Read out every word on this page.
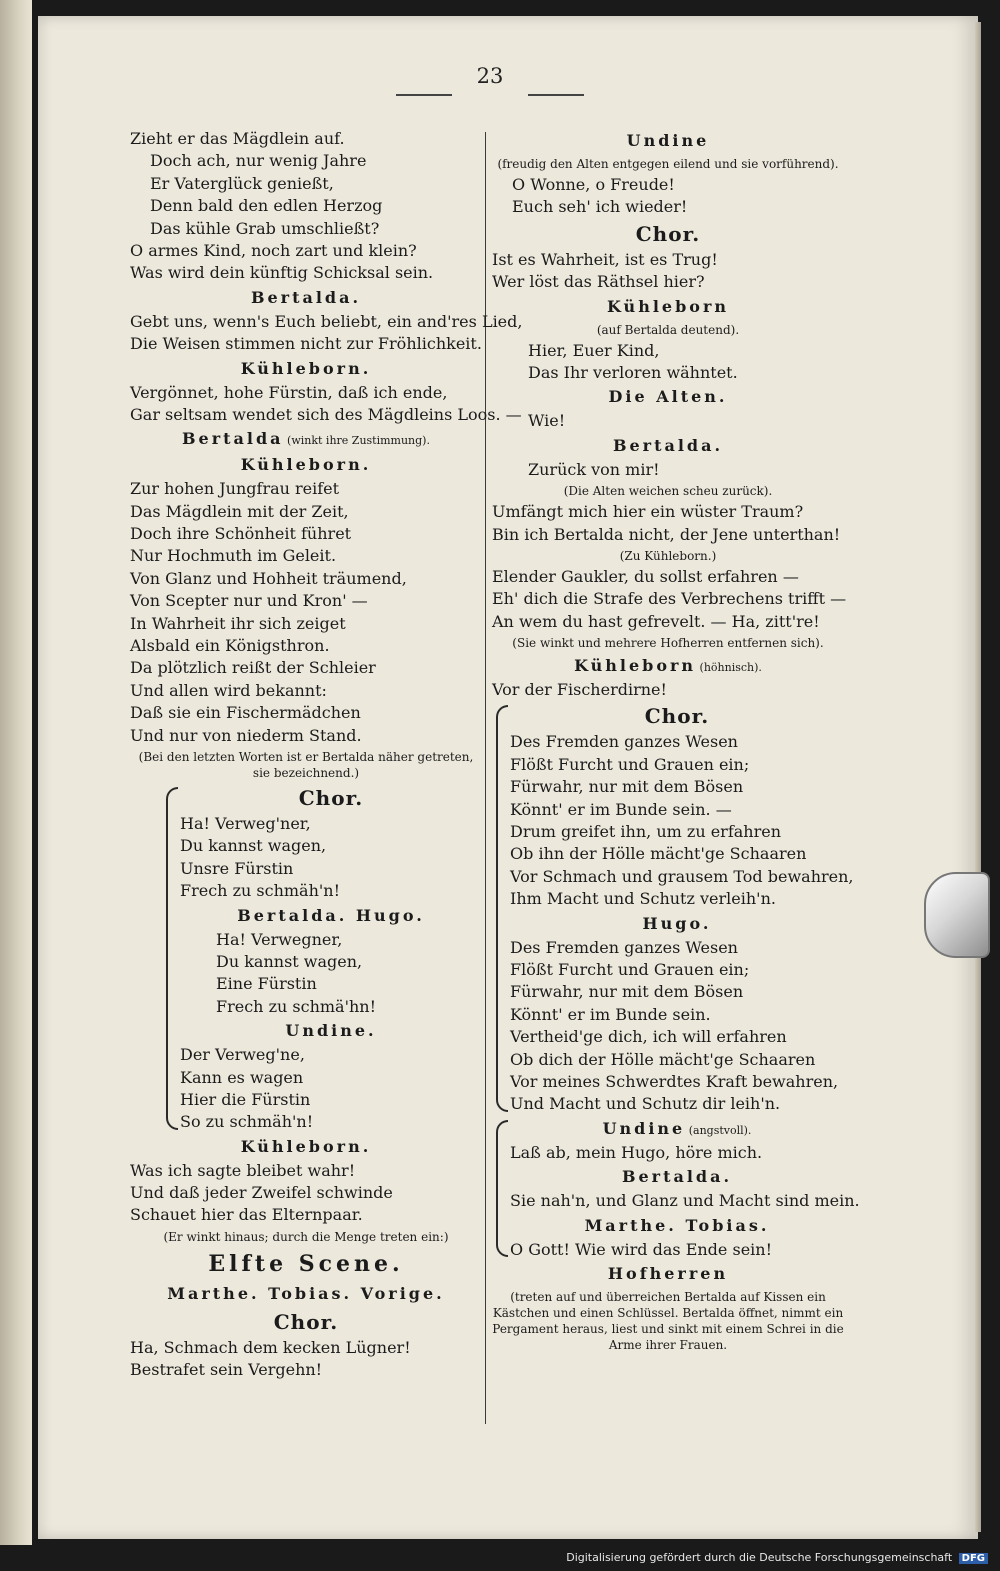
23
Zieht er das Mägdlein auf.
Doch ach, nur wenig Jahre
Er Vaterglück genießt,
Denn bald den edlen Herzog
Das kühle Grab umschließt?
O armes Kind, noch zart und klein?
Was wird dein künftig Schicksal sein.
Bertalda.
Gebt uns, wenn's Euch beliebt, ein and'res Lied,
Die Weisen stimmen nicht zur Fröhlichkeit.
Kühleborn.
Vergönnet, hohe Fürstin, daß ich ende,
Gar seltsam wendet sich des Mägdleins Loos. —
Bertalda (winkt ihre Zustimmung).
Kühleborn.
Zur hohen Jungfrau reifet
Das Mägdlein mit der Zeit,
Doch ihre Schönheit führet
Nur Hochmuth im Geleit.
Von Glanz und Hohheit träumend,
Von Scepter nur und Kron' —
In Wahrheit ihr sich zeiget
Alsbald ein Königsthron.
Da plötzlich reißt der Schleier
Und allen wird bekannt:
Daß sie ein Fischermädchen
Und nur von niederm Stand.
(Bei den letzten Worten ist er Bertalda näher getreten, sie bezeichnend.)
Chor.
Ha! Verweg'ner,
Du kannst wagen,
Unsre Fürstin
Frech zu schmäh'n!
Bertalda. Hugo.
Ha! Verwegner,
Du kannst wagen,
Eine Fürstin
Frech zu schmä'hn!
Undine.
Der Verweg'ne,
Kann es wagen
Hier die Fürstin
So zu schmäh'n!
Kühleborn.
Was ich sagte bleibet wahr!
Und daß jeder Zweifel schwinde
Schauet hier das Elternpaar.
(Er winkt hinaus; durch die Menge treten ein:)
Elfte Scene.
Marthe. Tobias. Vorige.
Chor.
Ha, Schmach dem kecken Lügner!
Bestrafet sein Vergehn!
Undine
(freudig den Alten entgegen eilend und sie vorführend).
O Wonne, o Freude!
Euch seh' ich wieder!
Chor.
Ist es Wahrheit, ist es Trug!
Wer löst das Räthsel hier?
Kühleborn
(auf Bertalda deutend).
Hier, Euer Kind,
Das Ihr verloren wähntet.
Die Alten.
Wie!
Bertalda.
Zurück von mir!
(Die Alten weichen scheu zurück).
Umfängt mich hier ein wüster Traum?
Bin ich Bertalda nicht, der Jene unterthan!
(Zu Kühleborn.)
Elender Gaukler, du sollst erfahren —
Eh' dich die Strafe des Verbrechens trifft —
An wem du hast gefrevelt. — Ha, zitt're!
(Sie winkt und mehrere Hofherren entfernen sich).
Kühleborn (höhnisch).
Vor der Fischerdirne!
Chor.
Des Fremden ganzes Wesen
Flößt Furcht und Grauen ein;
Fürwahr, nur mit dem Bösen
Könnt' er im Bunde sein. —
Drum greifet ihn, um zu erfahren
Ob ihn der Hölle mächt'ge Schaaren
Vor Schmach und grausem Tod bewahren,
Ihm Macht und Schutz verleih'n.
Hugo.
Des Fremden ganzes Wesen
Flößt Furcht und Grauen ein;
Fürwahr, nur mit dem Bösen
Könnt' er im Bunde sein.
Vertheid'ge dich, ich will erfahren
Ob dich der Hölle mächt'ge Schaaren
Vor meines Schwerdtes Kraft bewahren,
Und Macht und Schutz dir leih'n.
Undine (angstvoll).
Laß ab, mein Hugo, höre mich.
Bertalda.
Sie nah'n, und Glanz und Macht sind mein.
Marthe. Tobias.
O Gott! Wie wird das Ende sein!
Hofherren
(treten auf und überreichen Bertalda auf Kissen ein Kästchen und einen Schlüssel. Bertalda öffnet, nimmt ein Pergament heraus, liest und sinkt mit einem Schrei in die Arme ihrer Frauen.
Digitalisierung gefördert durch die Deutsche Forschungsgemeinschaft DFG
